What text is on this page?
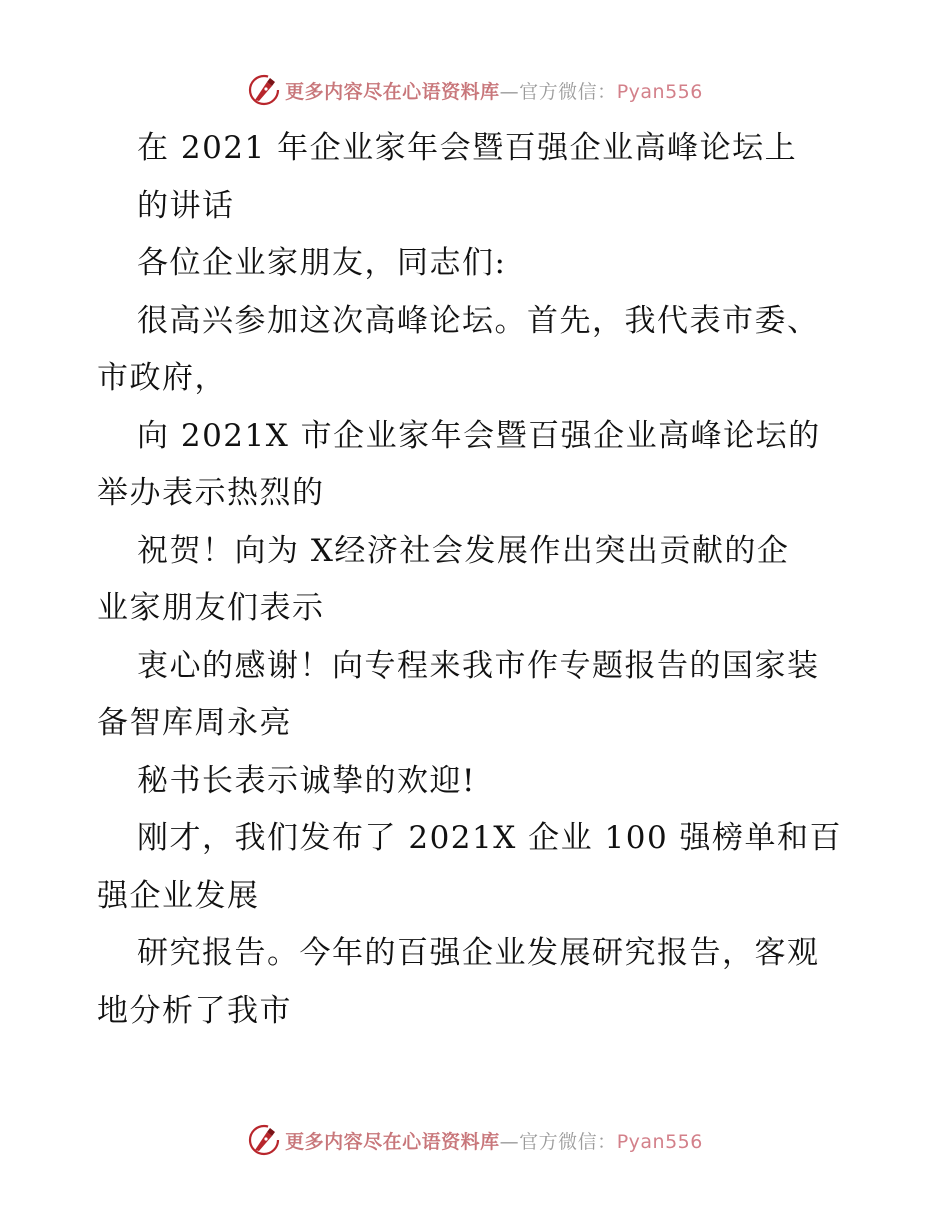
更多内容尽在心语资料库—官方微信：Pyan556
在 2021 年企业家年会暨百强企业高峰论坛上
的讲话
各位企业家朋友，同志们:
很高兴参加这次高峰论坛。首先，我代表市委、
市政府，
向 2021X 市企业家年会暨百强企业高峰论坛的
举办表示热烈的
祝贺！向为 X经济社会发展作出突出贡献的企
业家朋友们表示
衷心的感谢！向专程来我市作专题报告的国家装
备智库周永亮
秘书长表示诚挚的欢迎!
刚才，我们发布了 2021X 企业 100 强榜单和百
强企业发展
研究报告。今年的百强企业发展研究报告，客观
地分析了我市
更多内容尽在心语资料库—官方微信：Pyan556
